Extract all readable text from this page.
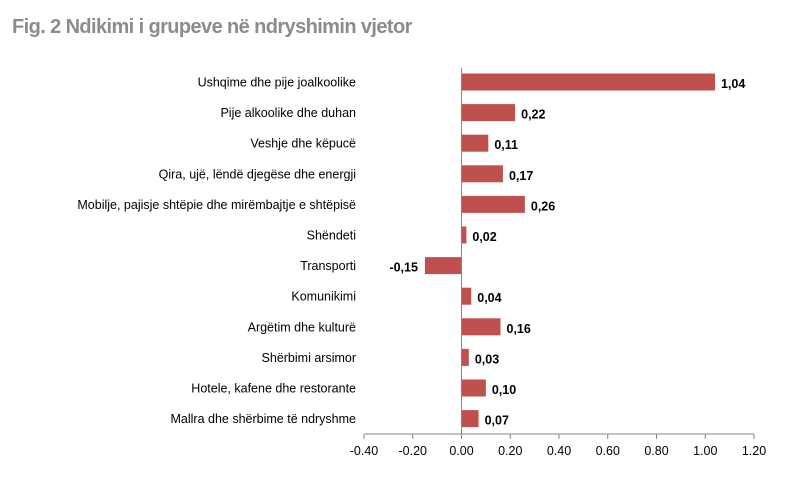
Fig. 2 Ndikimi i grupeve në ndryshimin vjetor
Ushqime dhe pije joalkoolike	1,04
Pije alkoolike dhe duhan	0,22
Veshje dhe këpucë	0,11
Qira, ujë, lëndë djegëse dhe energji	0,17
Mobilje, pajisje shtëpie dhe mirëmbajtje e shtëpisë	0,26
Shëndeti	0,02
Transporti	-0,15
Komunikimi	0,04
Argëtim dhe kulturë	0,16
Shërbimi arsimor	0,03
Hotele, kafene dhe restorante	0,10
Mallra dhe shërbime të ndryshme	0,07
-0.40 -0.20 0.00 0.20 0.40 0.60 0.80 1.00 1.20
